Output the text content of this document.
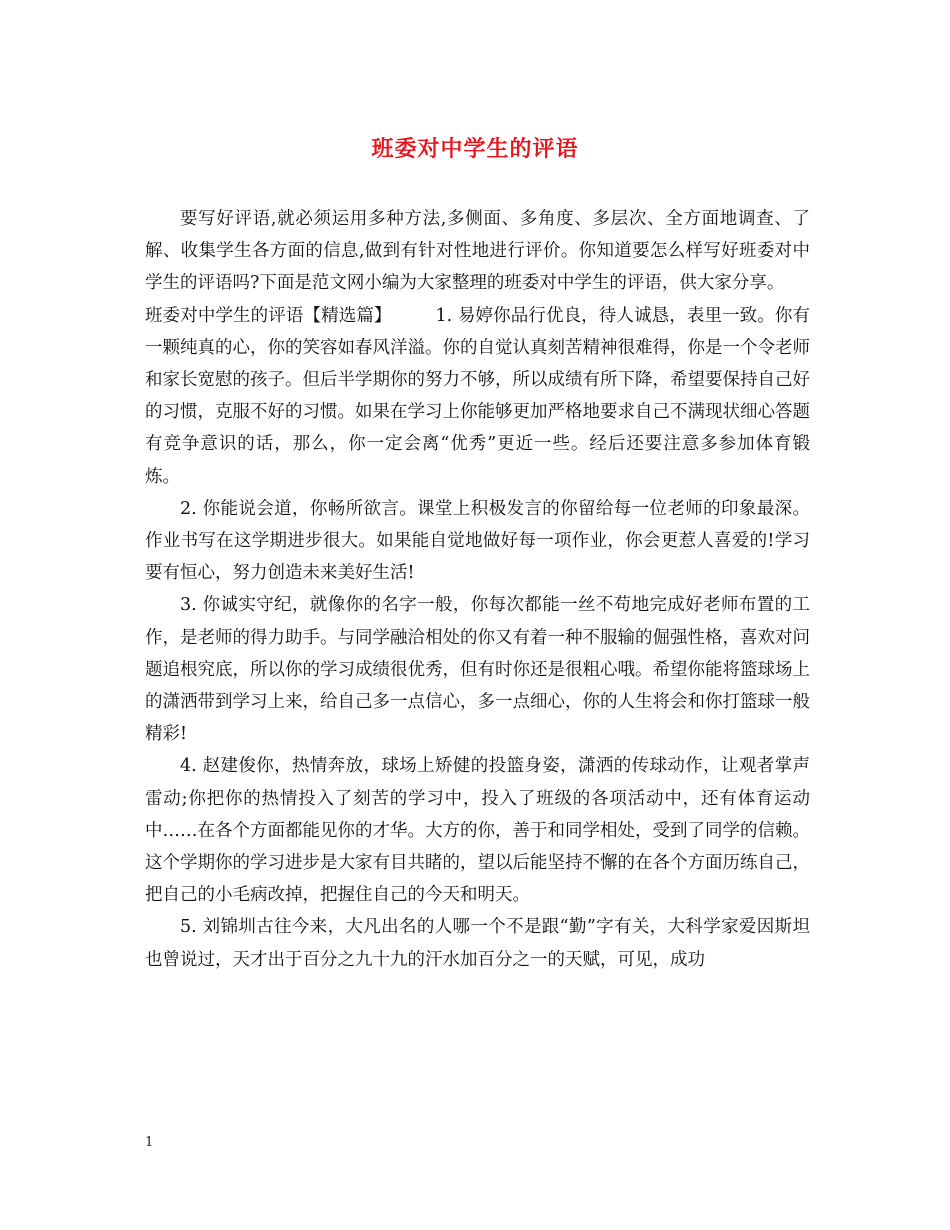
班委对中学生的评语

要写好评语,就必须运用多种方法,多侧面、多角度、多层次、全方面地调查、了解、收集学生各方面的信息,做到有针对性地进行评价。你知道要怎么样写好班委对中学生的评语吗?下面是范文网小编为大家整理的班委对中学生的评语，供大家分享。

班委对中学生的评语【精选篇】	1. 易婷你品行优良，待人诚恳，表里一致。你有一颗纯真的心，你的笑容如春风洋溢。你的自觉认真刻苦精神很难得，你是一个令老师和家长宽慰的孩子。但后半学期你的努力不够，所以成绩有所下降，希望要保持自己好的习惯，克服不好的习惯。如果在学习上你能够更加严格地要求自己不满现状细心答题有竞争意识的话，那么，你一定会离“优秀”更近一些。经后还要注意多参加体育锻炼。

2. 你能说会道，你畅所欲言。课堂上积极发言的你留给每一位老师的印象最深。作业书写在这学期进步很大。如果能自觉地做好每一项作业，你会更惹人喜爱的!学习要有恒心，努力创造未来美好生活!

3. 你诚实守纪，就像你的名字一般，你每次都能一丝不苟地完成好老师布置的工作，是老师的得力助手。与同学融洽相处的你又有着一种不服输的倔强性格，喜欢对问题追根究底，所以你的学习成绩很优秀，但有时你还是很粗心哦。希望你能将篮球场上的潇洒带到学习上来，给自己多一点信心，多一点细心，你的人生将会和你打篮球一般精彩!

4. 赵建俊你，热情奔放，球场上矫健的投篮身姿，潇洒的传球动作，让观者掌声雷动;你把你的热情投入了刻苦的学习中，投入了班级的各项活动中，还有体育运动中……在各个方面都能见你的才华。大方的你，善于和同学相处，受到了同学的信赖。这个学期你的学习进步是大家有目共睹的，望以后能坚持不懈的在各个方面历练自己，把自己的小毛病改掉，把握住自己的今天和明天。

5. 刘锦圳古往今来，大凡出名的人哪一个不是跟“勤”字有关，大科学家爱因斯坦也曾说过，天才出于百分之九十九的汗水加百分之一的天赋，可见，成功

1
